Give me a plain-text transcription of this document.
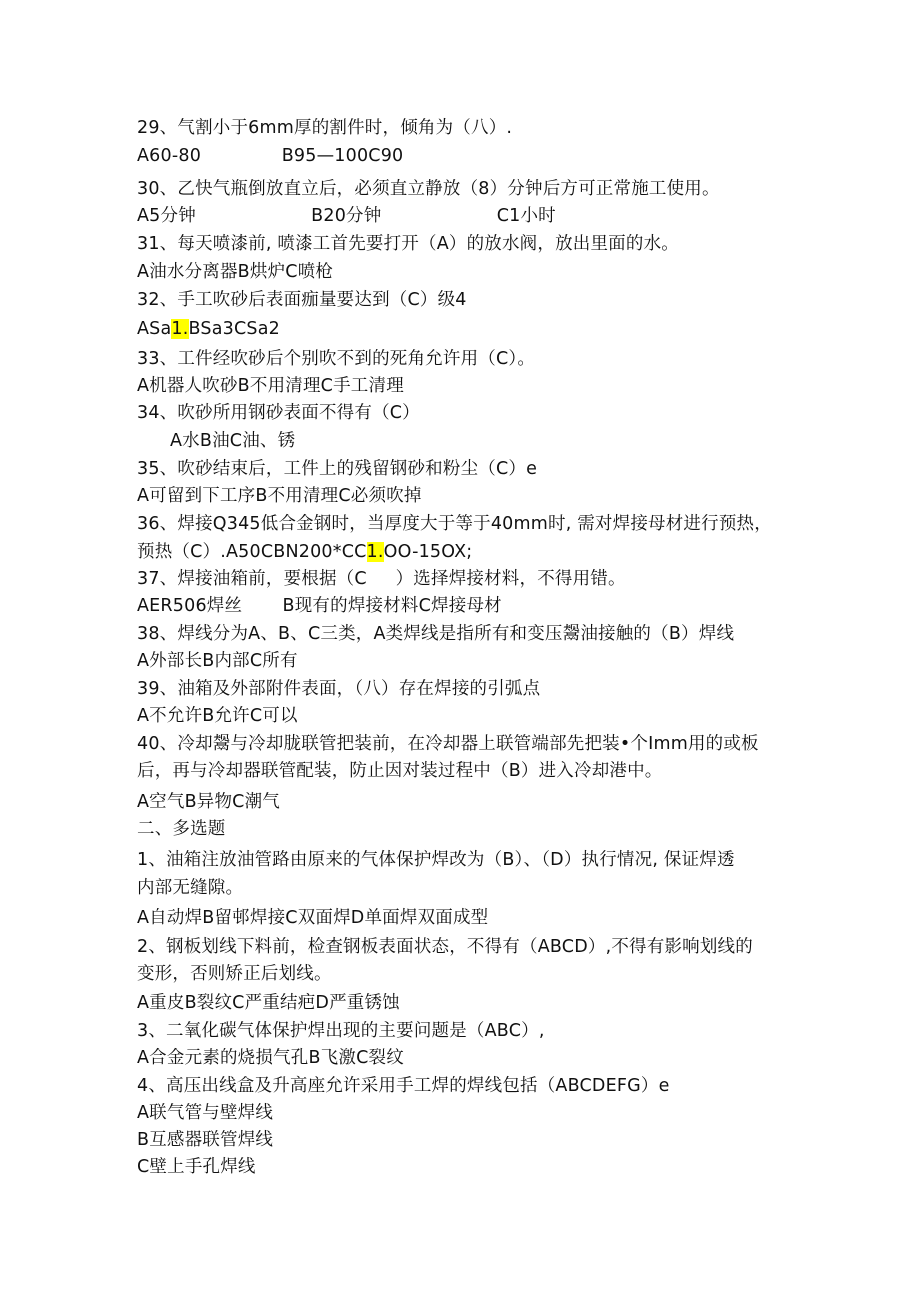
29、气割小于6mm厚的割件时，倾角为（八）.
A60-80              B95—100C90
30、乙快气瓶倒放直立后，必须直立静放（8）分钟后方可正常施工使用。
A5分钟                    B20分钟                    C1小时
31、每天喷漆前, 喷漆工首先要打开（A）的放水阀，放出里面的水。
A油水分离器B烘炉C喷枪
32、手工吹砂后表面痂量要达到（C）级4
ASa1.BSa3CSa2
33、工件经吹砂后个别吹不到的死角允许用（C）。
A机器人吹砂B不用清理C手工清理
34、吹砂所用钢砂表面不得有（C）
A水B油C油、锈
35、吹砂结束后，工件上的残留钢砂和粉尘（C）e
A可留到下工序B不用清理C必须吹掉
36、焊接Q345低合金钢时，当厚度大于等于40mm时, 需对焊接母材进行预热，
预热（C）.A50CBN200*CC1.OO-15OX;
37、焊接油箱前，要根据（C     ）选择焊接材料，不得用错。
AER506焊丝       B现有的焊接材料C焊接母材
38、焊线分为A、B、C三类，A类焊线是指所有和变压鬶油接触的（B）焊线
A外部长B内部C所有
39、油箱及外部附件表面，（八）存在焊接的引弧点
A不允许B允许C可以
40、冷却鬶与冷却胧联管把装前，在冷却器上联管端部先把装•个Imm用的或板
后，再与冷却器联管配装，防止因对装过程中（B）进入冷却港中。
A空气B异物C潮气
二、多选题
1、油箱注放油管路由原来的气体保护焊改为（B）、（D）执行情况, 保证焊透
内部无缝隙。
A自动焊B留邨焊接C双面焊D单面焊双面成型
2、钢板划线下料前，检查钢板表面状态，不得有（ABCD）,不得有影响划线的
变形，否则矫正后划线。
A重皮B裂纹C严重结疤D严重锈蚀
3、二氧化碳气体保护焊出现的主要问题是（ABC）,
A合金元素的烧损气孔B飞激C裂纹
4、高压出线盒及升高座允许采用手工焊的焊线包括（ABCDEFG）e
A联气管与壁焊线
B互感器联管焊线
C壁上手孔焊线
